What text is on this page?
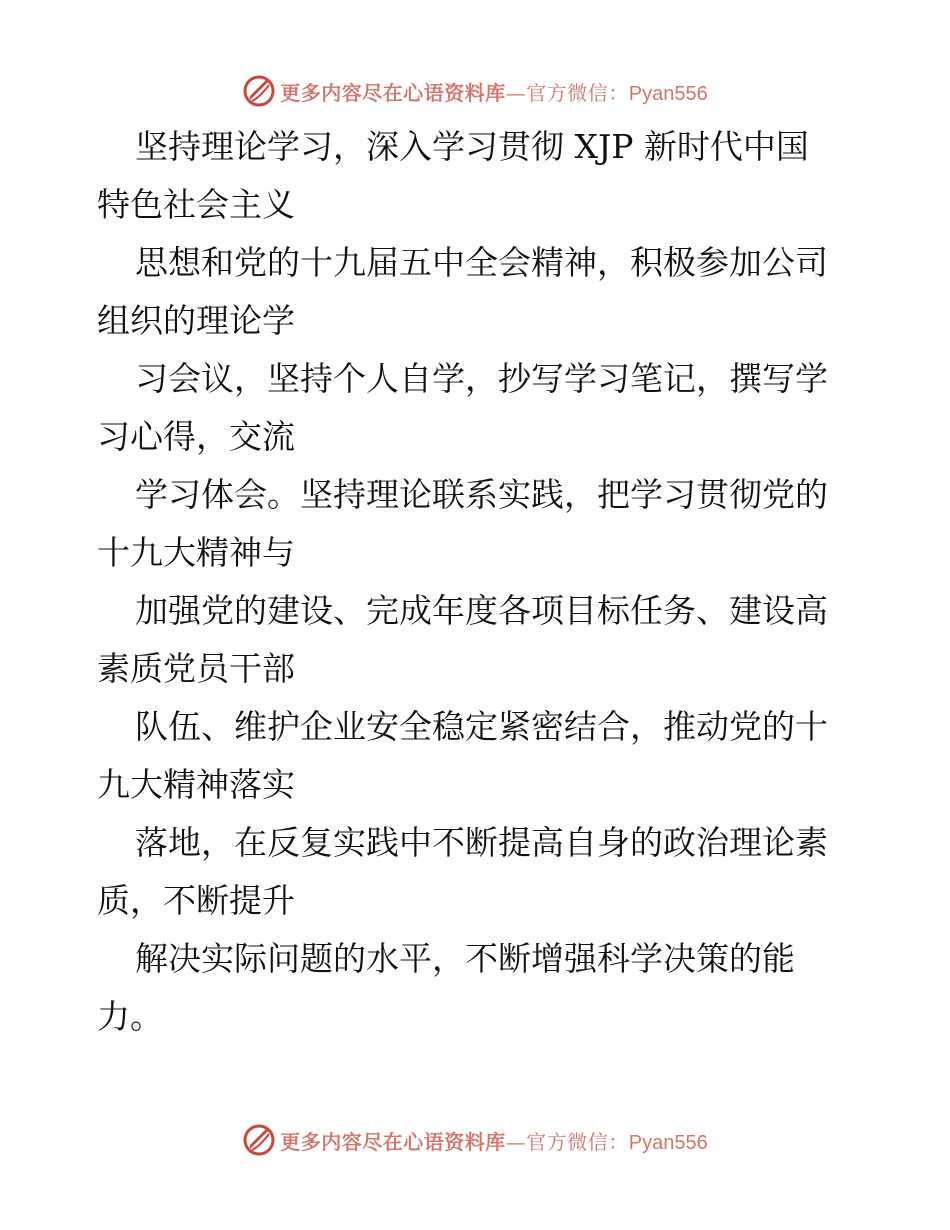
更多内容尽在心语资料库—官方微信：Pyan556
坚持理论学习，深入学习贯彻 XJP 新时代中国
特色社会主义
思想和党的十九届五中全会精神，积极参加公司
组织的理论学
习会议，坚持个人自学，抄写学习笔记，撰写学
习心得，交流
学习体会。坚持理论联系实践，把学习贯彻党的
十九大精神与
加强党的建设、完成年度各项目标任务、建设高
素质党员干部
队伍、维护企业安全稳定紧密结合，推动党的十
九大精神落实
落地，在反复实践中不断提高自身的政治理论素
质，不断提升
解决实际问题的水平，不断增强科学决策的能
力。
更多内容尽在心语资料库—官方微信：Pyan556
